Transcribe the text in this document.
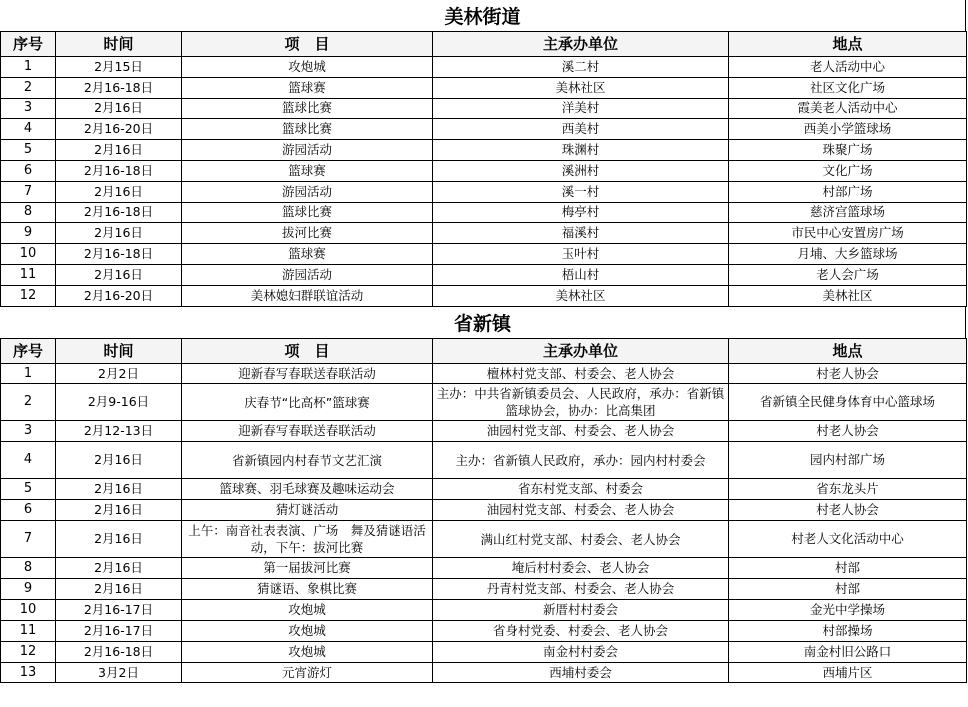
美林街道
序号	时间	项　目	主承办单位	地点
1	2月15日	攻炮城	溪二村	老人活动中心
2	2月16-18日	篮球赛	美林社区	社区文化广场
3	2月16日	篮球比赛	洋美村	霞美老人活动中心
4	2月16-20日	篮球比赛	西美村	西美小学篮球场
5	2月16日	游园活动	珠渊村	珠聚广场
6	2月16-18日	篮球赛	溪洲村	文化广场
7	2月16日	游园活动	溪一村	村部广场
8	2月16-18日	篮球比赛	梅亭村	慈济宫篮球场
9	2月16日	拔河比赛	福溪村	市民中心安置房广场
10	2月16-18日	篮球赛	玉叶村	月埔、大乡篮球场
11	2月16日	游园活动	梧山村	老人会广场
12	2月16-20日	美林媳妇群联谊活动	美林社区	美林社区
省新镇
序号	时间	项　目	主承办单位	地点
1	2月2日	迎新春写春联送春联活动	檀林村党支部、村委会、老人协会	村老人协会
2	2月9-16日	庆春节“比高杯”篮球赛	主办：中共省新镇委员会、人民政府，承办：省新镇篮球协会，协办：比高集团	省新镇全民健身体育中心篮球场
3	2月12-13日	迎新春写春联送春联活动	油园村党支部、村委会、老人协会	村老人协会
4	2月16日	省新镇园内村春节文艺汇演	主办：省新镇人民政府，承办：园内村村委会	园内村部广场
5	2月16日	篮球赛、羽毛球赛及趣味运动会	省东村党支部、村委会	省东龙头片
6	2月16日	猜灯谜活动	油园村党支部、村委会、老人协会	村老人协会
7	2月16日	上午：南音社表表演、广场　舞及猜谜语活动，下午：拔河比赛	满山红村党支部、村委会、老人协会	村老人文化活动中心
8	2月16日	第一届拔河比赛	埯后村村委会、老人协会	村部
9	2月16日	猜谜语、象棋比赛	丹青村党支部、村委会、老人协会	村部
10	2月16-17日	攻炮城	新厝村村委会	金光中学操场
11	2月16-17日	攻炮城	省身村党委、村委会、老人协会	村部操场
12	2月16-18日	攻炮城	南金村村委会	南金村旧公路口
13	3月2日	元宵游灯	西埔村委会	西埔片区
